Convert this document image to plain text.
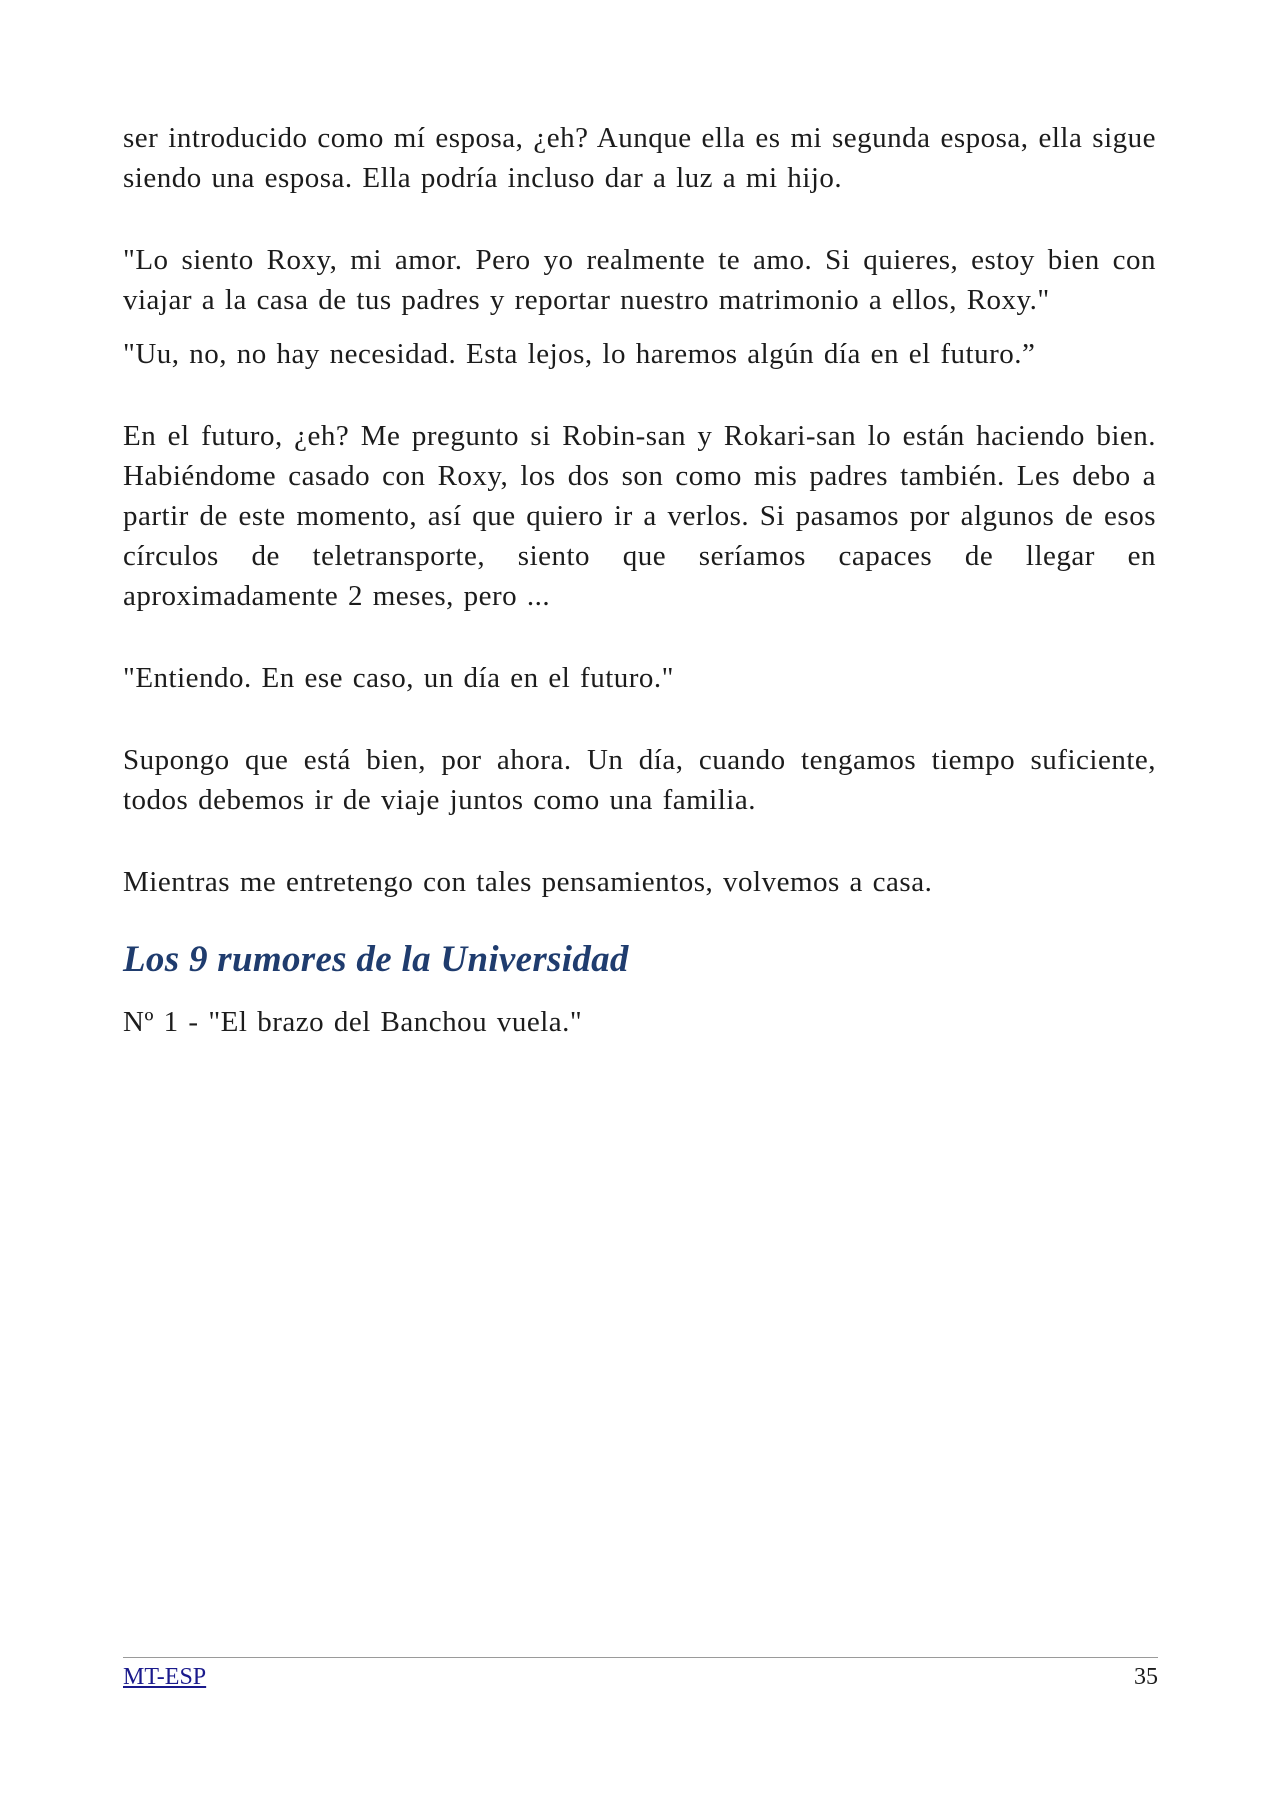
ser introducido como mí esposa, ¿eh? Aunque ella es mi segunda esposa, ella sigue siendo una esposa. Ella podría incluso dar a luz a mi hijo.

"Lo siento Roxy, mi amor. Pero yo realmente te amo. Si quieres, estoy bien con viajar a la casa de tus padres y reportar nuestro matrimonio a ellos, Roxy."

"Uu, no, no hay necesidad. Esta lejos, lo haremos algún día en el futuro.”

En el futuro, ¿eh? Me pregunto si Robin-san y Rokari-san lo están haciendo bien. Habiéndome casado con Roxy, los dos son como mis padres también. Les debo a partir de este momento, así que quiero ir a verlos. Si pasamos por algunos de esos círculos de teletransporte, siento que seríamos capaces de llegar en aproximadamente 2 meses, pero ...

"Entiendo. En ese caso, un día en el futuro."

Supongo que está bien, por ahora. Un día, cuando tengamos tiempo suficiente, todos debemos ir de viaje juntos como una familia.

Mientras me entretengo con tales pensamientos, volvemos a casa.

Los 9 rumores de la Universidad

Nº 1 - "El brazo del Banchou vuela."

MT-ESP	35
